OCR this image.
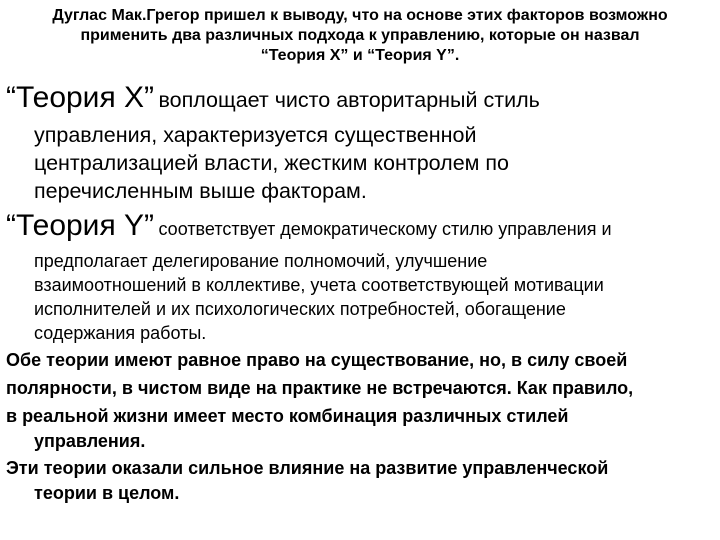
Дуглас Мак.Грегор пришел к выводу, что на основе этих факторов возможно
применить два различных подхода к управлению, которые он назвал
“Теория X” и “Теория Y”.
“Теория X” воплощает чисто авторитарный стиль
управления, характеризуется существенной
централизацией власти, жестким контролем по
перечисленным выше факторам.
“Теория Y” соответствует демократическому стилю управления и
предполагает делегирование полномочий, улучшение
взаимоотношений в коллективе, учета соответствующей мотивации
исполнителей и их психологических потребностей, обогащение
содержания работы.
Обе теории имеют равное право на существование, но, в силу своей
полярности, в чистом виде на практике не встречаются. Как правило,
в реальной жизни имеет место комбинация различных стилей
управления.
Эти теории оказали сильное влияние на развитие управленческой
теории в целом.
